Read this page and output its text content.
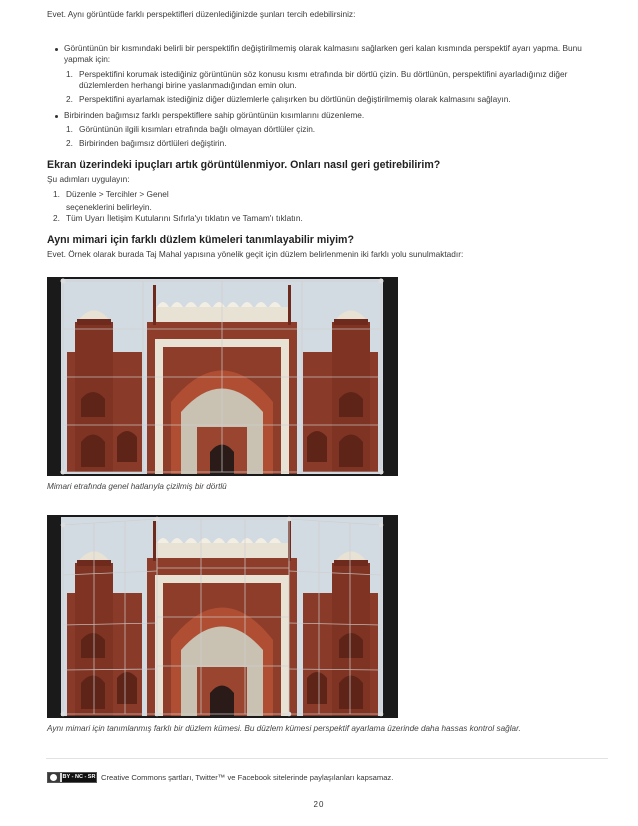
Evet. Aynı görüntüde farklı perspektifleri düzenlediğinizde şunları tercih edebilirsiniz:
Görüntünün bir kısmındaki belirli bir perspektifin değiştirilmemiş olarak kalmasını sağlarken geri kalan kısmında perspektif ayarı yapma. Bunu
yapmak için:
1. Perspektifini korumak istediğiniz görüntünün söz konusu kısmı etrafında bir dörtlü çizin. Bu dörtlünün, perspektifini ayarladığınız diğer
düzlemlerden herhangi birine yaslanmadığından emin olun.
2. Perspektifini ayarlamak istediğiniz diğer düzlemlerle çalışırken bu dörtlünün değiştirilmemiş olarak kalmasını sağlayın.
Birbirinden bağımsız farklı perspektiflere sahip görüntünün kısımlarını düzenleme.
1. Görüntünün ilgili kısımları etrafında bağlı olmayan dörtlüler çizin.
2. Birbirinden bağımsız dörtlüleri değiştirin.
Ekran üzerindeki ipuçları artık görüntülenmiyor. Onları nasıl geri getirebilirim?
Şu adımları uygulayın:
1. Düzenle > Tercihler > Genel
seçeneklerini belirleyin.
2. Tüm Uyarı İletişim Kutularını Sıfırla'yı tıklatın ve Tamam'ı tıklatın.
Aynı mimari için farklı düzlem kümeleri tanımlayabilir miyim?
Evet. Örnek olarak burada Taj Mahal yapısına yönelik geçit için düzlem belirlenmenin iki farklı yolu sunulmaktadır:
Mimari etrafında genel hatlarıyla çizilmiş bir dörtlü
Aynı mimari için tanımlanmış farklı bir düzlem kümesi. Bu düzlem kümesi perspektif ayarlama üzerinde daha hassas kontrol sağlar.
BY - NC - SR Creative Commons şartları, Twitter™ ve Facebook sitelerinde paylaşılanları kapsamaz.
20
